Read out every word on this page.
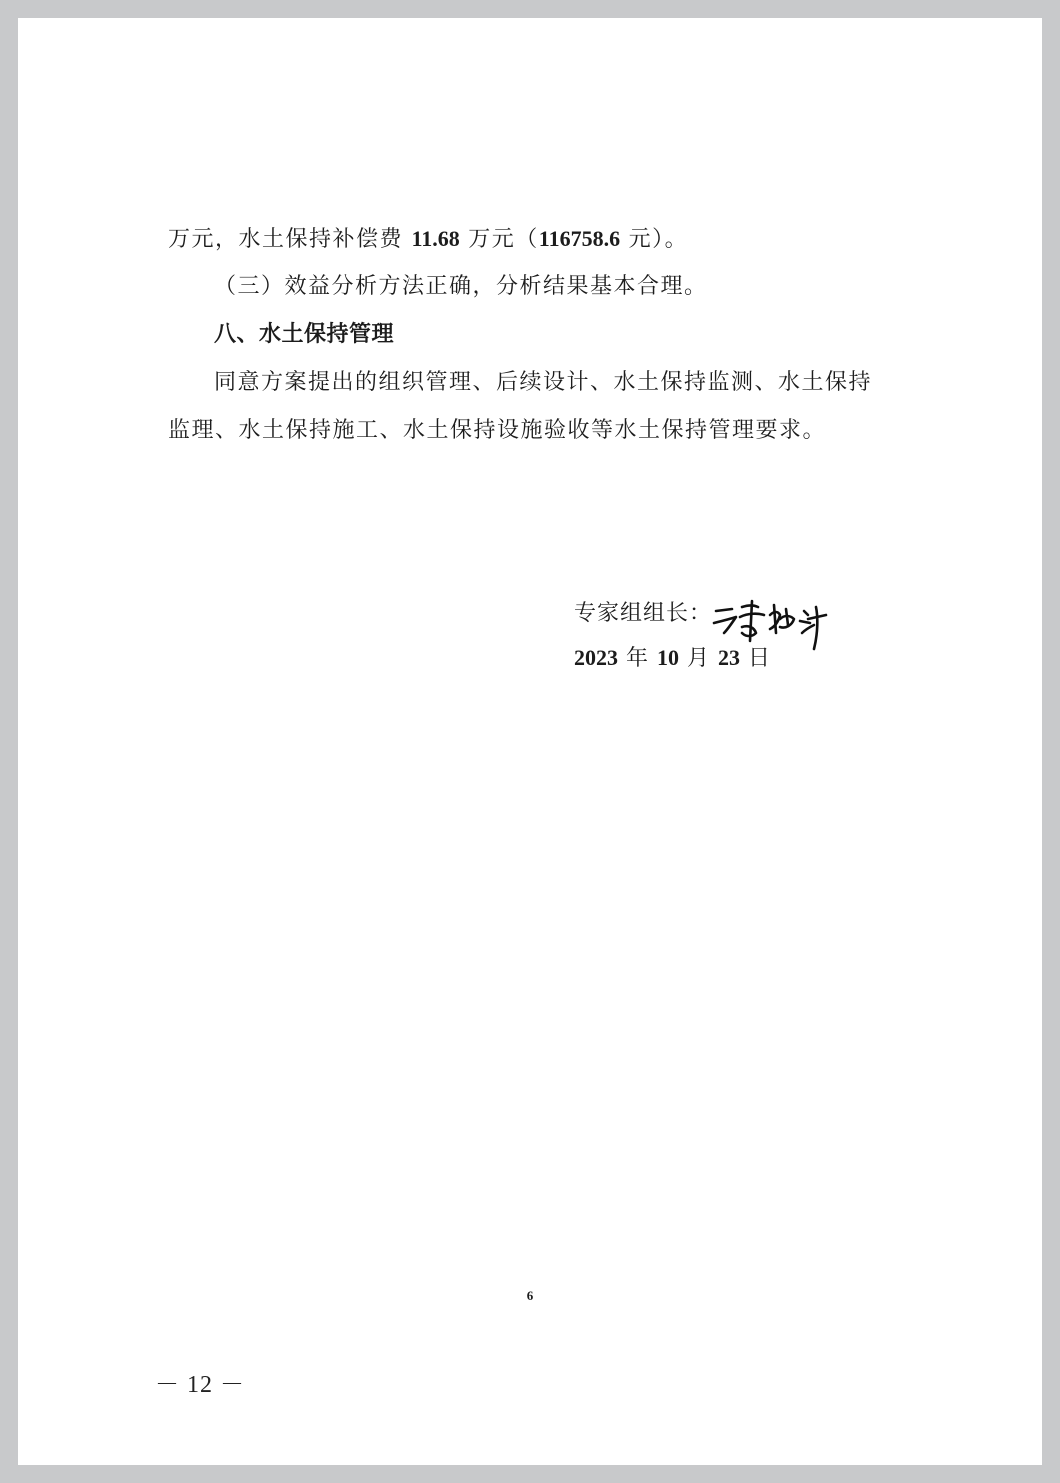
万元，水土保持补偿费 11.68 万元（116758.6 元）。
（三）效益分析方法正确，分析结果基本合理。
八、水土保持管理
同意方案提出的组织管理、后续设计、水土保持监测、水土保持
监理、水土保持施工、水土保持设施验收等水土保持管理要求。
专家组组长：
2023 年 10 月 23 日
6
－ 12 －
